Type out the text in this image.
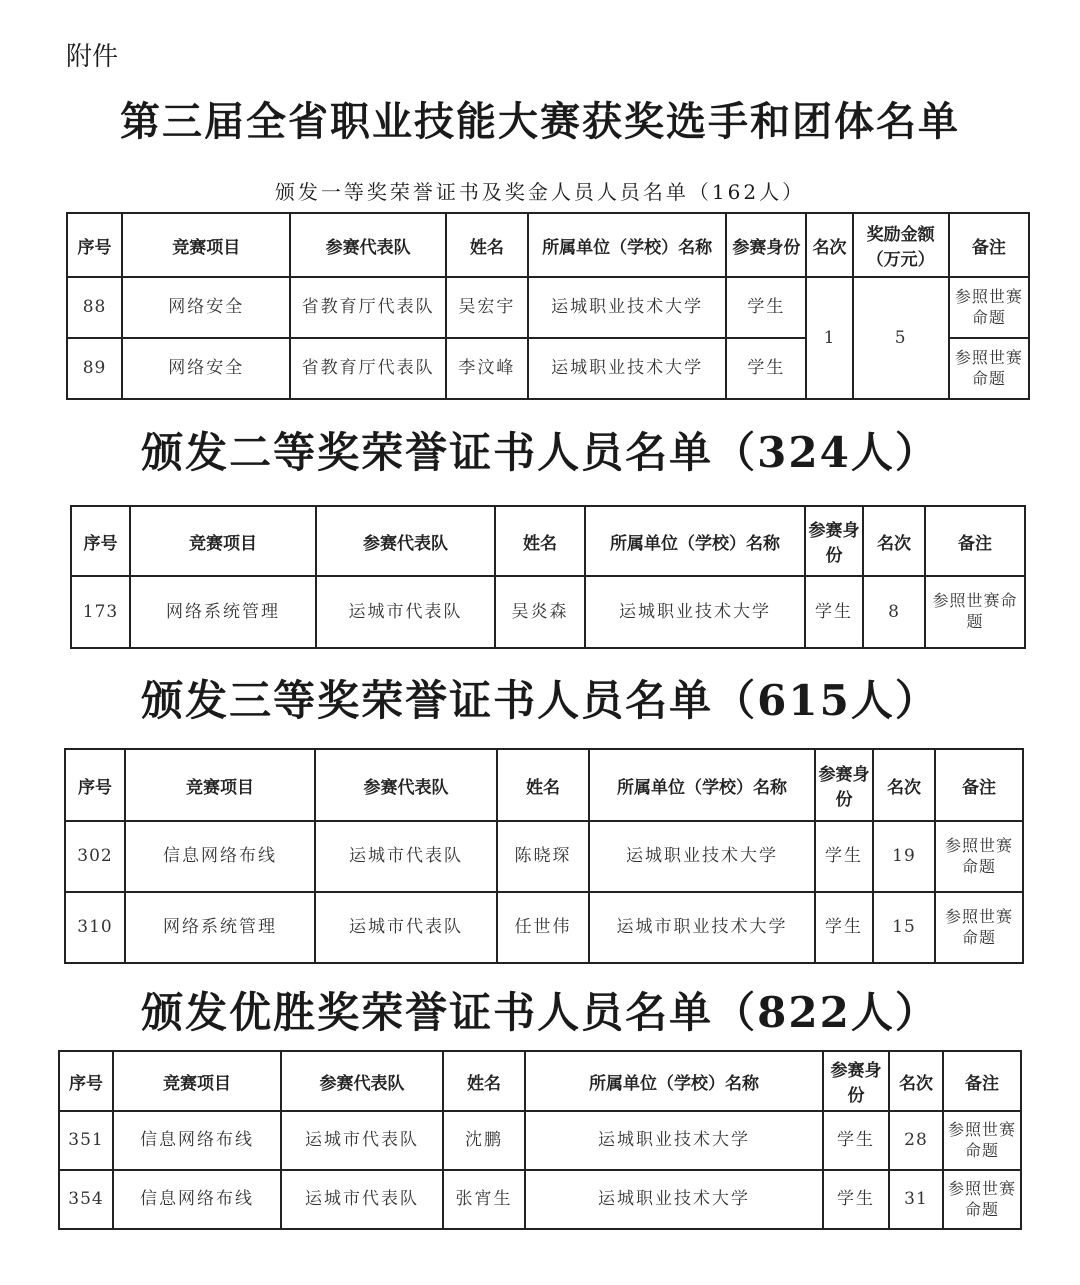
附件
第三届全省职业技能大赛获奖选手和团体名单
颁发一等奖荣誉证书及奖金人员人员名单（162人）
序号	竞赛项目	参赛代表队	姓名	所属单位（学校）名称	参赛身份	名次	奖励金额（万元）	备注
88	网络安全	省教育厅代表队	吴宏宇	运城职业技术大学	学生	1	5	参照世赛命题
89	网络安全	省教育厅代表队	李汶峰	运城职业技术大学	学生			参照世赛命题
颁发二等奖荣誉证书人员名单（324人）
序号	竞赛项目	参赛代表队	姓名	所属单位（学校）名称	参赛身份	名次	备注
173	网络系统管理	运城市代表队	吴炎森	运城职业技术大学	学生	8	参照世赛命题
颁发三等奖荣誉证书人员名单（615人）
序号	竞赛项目	参赛代表队	姓名	所属单位（学校）名称	参赛身份	名次	备注
302	信息网络布线	运城市代表队	陈晓琛	运城职业技术大学	学生	19	参照世赛命题
310	网络系统管理	运城市代表队	任世伟	运城市职业技术大学	学生	15	参照世赛命题
颁发优胜奖荣誉证书人员名单（822人）
序号	竞赛项目	参赛代表队	姓名	所属单位（学校）名称	参赛身份	名次	备注
351	信息网络布线	运城市代表队	沈鹏	运城职业技术大学	学生	28	参照世赛命题
354	信息网络布线	运城市代表队	张宵生	运城职业技术大学	学生	31	参照世赛命题
